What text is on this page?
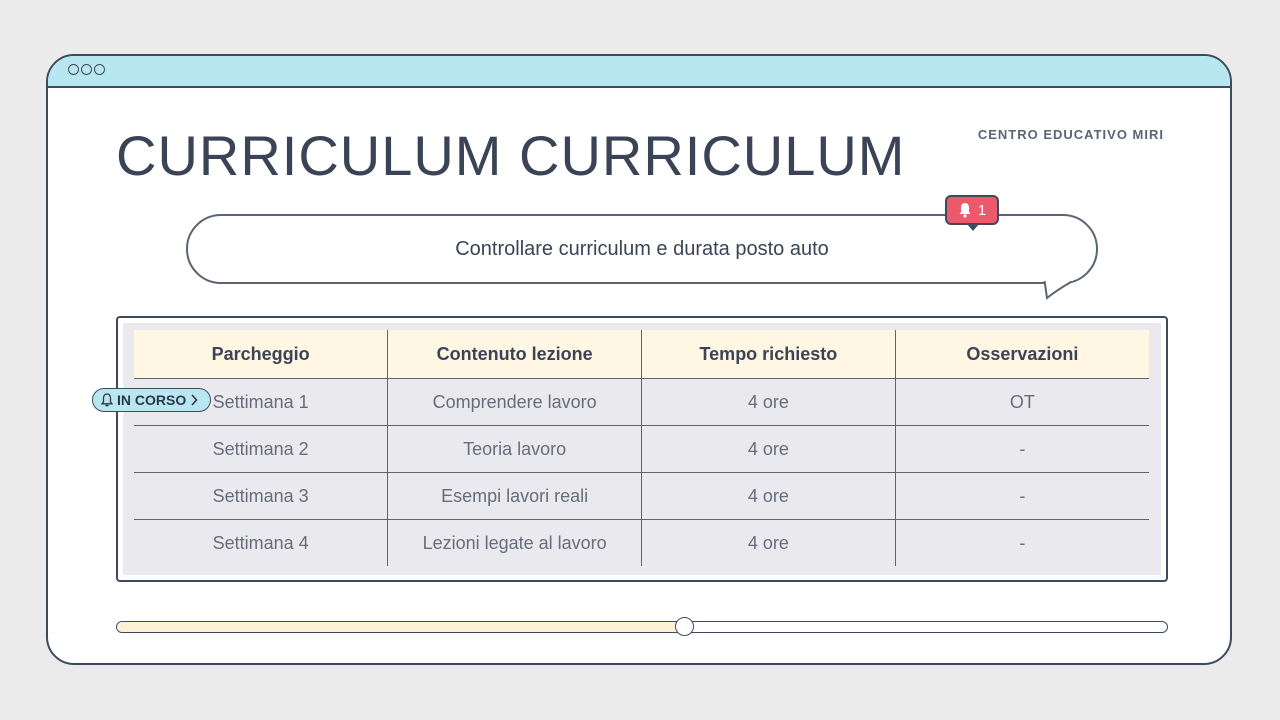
CENTRO EDUCATIVO MIRI
CURRICULUM CURRICULUM
Controllare curriculum e durata posto auto
1
Parcheggio	Contenuto lezione	Tempo richiesto	Osservazioni
Settimana 1	Comprendere lavoro	4 ore	OT
Settimana 2	Teoria lavoro	4 ore	-
Settimana 3	Esempi lavori reali	4 ore	-
Settimana 4	Lezioni legate al lavoro	4 ore	-
IN CORSO
